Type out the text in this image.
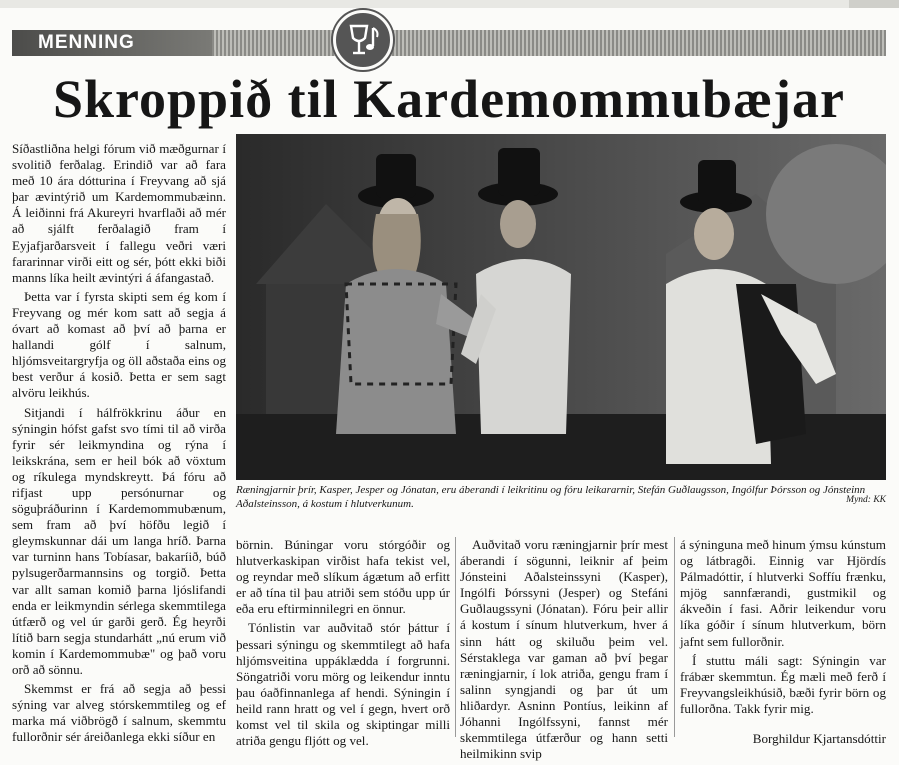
MENNING
Skroppið til Kardemommubæjar

Síðastliðna helgi fórum við mæðgurnar í svolitið ferðalag. Erindið var að fara með 10 ára dótturina í Freyvang að sjá þar ævintýrið um Kardemommubæinn. Á leiðinni frá Akureyri hvarflaði að mér að sjálft ferðalagið fram í Eyjafjarðarsveit í fallegu veðri væri fararinnar virði eitt og sér, þótt ekki biði manns líka heilt ævintýri á áfangastað.

Þetta var í fyrsta skipti sem ég kom í Freyvang og mér kom satt að segja á óvart að komast að því að þarna er hallandi gólf í salnum, hljómsveitargryfja og öll aðstaða eins og best verður á kosið. Þetta er sem sagt alvöru leikhús.

Sitjandi í hálfrökkrinu áður en sýningin hófst gafst svo tími til að virða fyrir sér leikmyndina og rýna í leikskrána, sem er heil bók að vöxtum og ríkulega myndskreytt. Þá fóru að rifjast upp persónurnar og söguþráðurinn í Kardemommubænum, sem fram að því höfðu legið í gleymskunnar dái um langa hríð. Þarna var turninn hans Tobíasar, bakaríið, búð pylsugerðarmannsins og torgið. Þetta var allt saman komið þarna ljóslifandi enda er leikmyndin sérlega skemmtilega útfærð og vel úr garði gerð. Ég heyrði lítið barn segja stundarhátt „nú erum við komin í Kardemommubæ" og það voru orð að sönnu.

Skemmst er frá að segja að þessi sýning var alveg stórskemmtileg og ef marka má viðbrögð í salnum, skemmtu fullorðnir sér áreiðanlega ekki síður en

Ræningjarnir þrír, Kasper, Jesper og Jónatan, eru áberandi í leikritinu og fóru leikararnir, Stefán Guðlaugsson, Ingólfur Þórsson og Jónsteinn Aðalsteinsson, á kostum í hlutverkunum.	Mynd: KK

börnin. Búningar voru stórgóðir og hlutverkaskipan virðist hafa tekist vel, og reyndar með slíkum ágætum að erfitt er að tína til þau atriði sem stóðu upp úr eða eru eftirminnilegri en önnur.

Tónlistin var auðvitað stór þáttur í þessari sýningu og skemmtilegt að hafa hljómsveitina uppáklædda í forgrunni. Söngatriði voru mörg og leikendur inntu þau óaðfinnanlega af hendi. Sýningin í heild rann hratt og vel í gegn, hvert orð komst vel til skila og skiptingar milli atriða gengu fljótt og vel.

Auðvitað voru ræningjarnir þrír mest áberandi í sögunni, leiknir af þeim Jónsteini Aðalsteinssyni (Kasper), Ingólfi Þórssyni (Jesper) og Stefáni Guðlaugssyni (Jónatan). Fóru þeir allir á kostum í sínum hlutverkum, hver á sinn hátt og skiluðu þeim vel. Sérstaklega var gaman að því þegar ræningjarnir, í lok atriða, gengu fram í salinn syngjandi og þar út um hliðardyr. Asninn Pontíus, leikinn af Jóhanni Ingólfssyni, fannst mér skemmtilega útfærður og hann setti heilmikinn svip

á sýninguna með hinum ýmsu kúnstum og látbragði. Einnig var Hjördís Pálmadóttir, í hlutverki Soffíu frænku, mjög sannfærandi, gustmikil og ákveðin í fasi. Aðrir leikendur voru líka góðir í sínum hlutverkum, börn jafnt sem fullorðnir.

Í stuttu máli sagt: Sýningin var frábær skemmtun. Ég mæli með ferð í Freyvangsleikhúsið, bæði fyrir börn og fullorðna. Takk fyrir mig.

Borghildur Kjartansdóttir
